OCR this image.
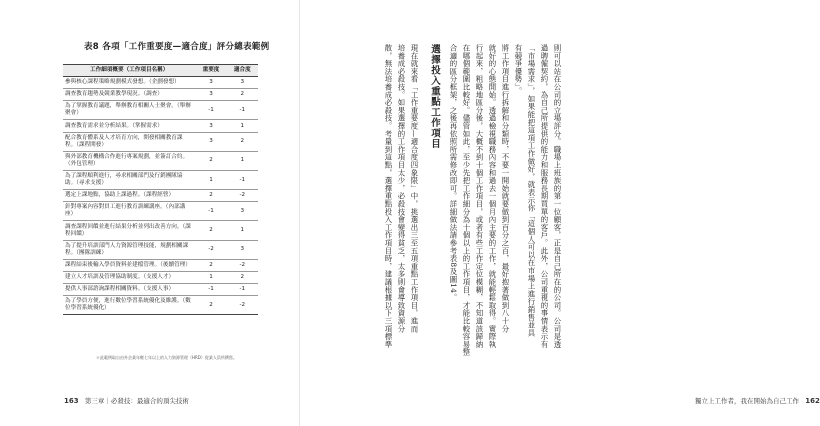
表8 各項「工作重要度—適合度」評分總表範例
工作細項概要（工作項目名稱）	重要度	適合度
參與核心課程策略規劃模式發想。（企劃發想）	3	3
調查教育趨勢及競業教學現況。（調查）	3	2
為了掌握教育議題，舉辦教育相關人士聚會。（舉辦聚會）	-1	-1
調查教育需求並分析結果。（掌握需求）	3	1
配合教育體系及人才培育方向，開發相關教育課程。（課程開發）	3	2
與外部教育機構合作進行專案規劃，並簽訂合約。（外包管理）	2	1
為了課程順利進行，尋求相關部門及行銷團隊協助。（尋求支援）	1	-1
選定上課地點，協助上課過程。（課程經營）	2	-2
針對專案內容對員工進行教育訓練講座。（內部講座）	-1	3
調查課程回饋並進行結果分析並列出改善方向。（課程回饋）	2	1
為了提升培訓部門人力資源管理技能，規劃相關課程。（團隊訓練）	-2	3
課程結束後輸入學員資料並建檔管理。（後續管理）	2	-2
建立人才培訓及管理協助制度。（支援人才）	1	2
提供人事部諮詢課程相關資料。（支援人事）	-1	-1
為了學員方便，進行數位學習系統優化及維護。（數位學習系統優化）	2	-2
＊此範例取自由外企業年輕七年以上的人力資源管理（HRD）從業人員所撰寫。
163 第三章｜必殺技：最適合的頂尖技術
則可以站在公司的立場評分。職場上班族的第一位顧客，正是自己所在的公司。公司是透
過聘僱契約，為自己所提供的能力和服務長期買單的客戶。此外，公司重視的事情表示有
「市場需求」，如果能把這項工作做好，就表示你「這個人可以在市場上進行銷售並具
有競爭優勢」。
將工作項目進行拆解和分類時，不要一開始就要做到百分之百，最好抱著做到八十分
就好的心態開始。透過檢視職務內容和過去一個月內主要的工作，就能輕鬆取得。實際執
行起來，粗略地區分後，大概不到十個工作項目，或者有些工作定位模糊，不知道該歸納
在哪個範圍比較好。儘管如此，至少先把工作細分為十個以上的工作項目，才能比較容易整
合適的區分框架，之後再依照所需修改即可。詳細做法請參考表8及圖14。
選擇投入重點工作項目
現在就來看「工作重要度—適合度四象限」中，挑選出三至五項重點工作項目，進而
培養成必殺技。如果選擇的工作項目太少，必殺技會變得貧乏，太多則會導致資源分
散，無法培養成必殺技。考量到這點，選擇重點投入工作項目時，建議根據以下三項標準
獨立上工作者，我在開始為自己工作 162
